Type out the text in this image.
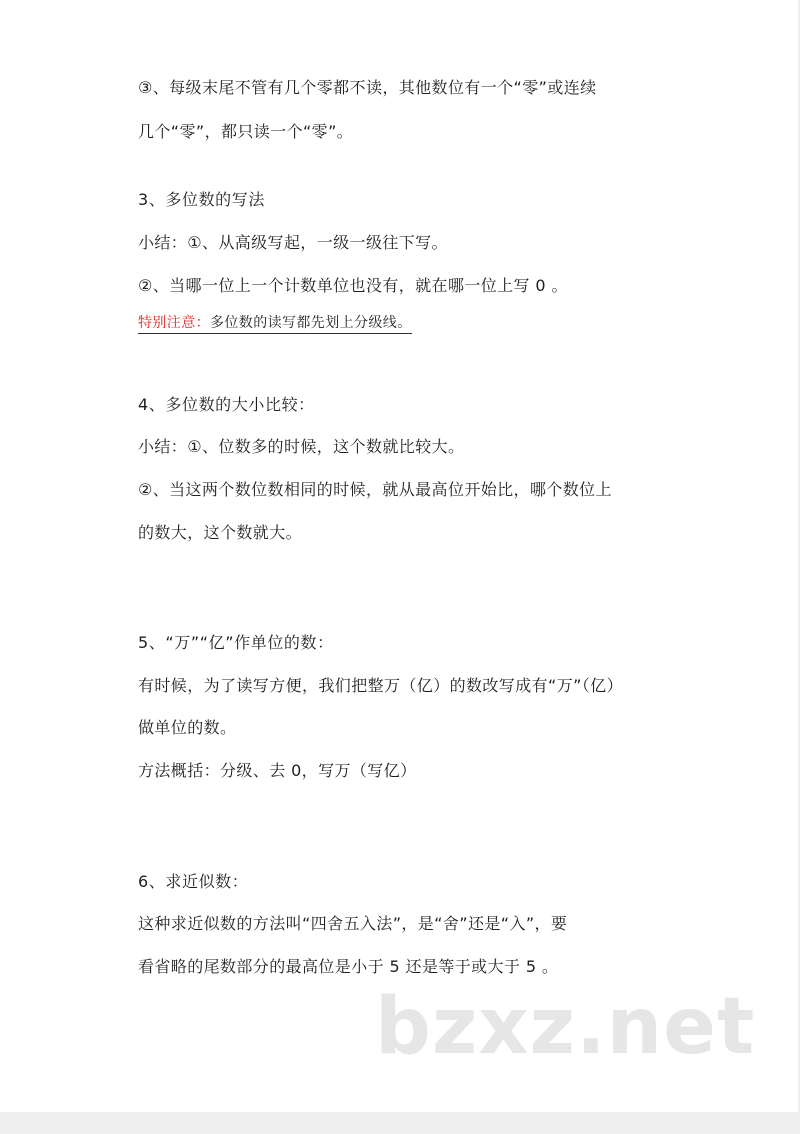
③、每级末尾不管有几个零都不读，其他数位有一个“零”或连续
几个“零”，都只读一个“零”。
3、多位数的写法
小结：①、从高级写起，一级一级往下写。
②、当哪一位上一个计数单位也没有，就在哪一位上写 0 。
特别注意：多位数的读写都先划上分级线。
4、多位数的大小比较：
小结：①、位数多的时候，这个数就比较大。
②、当这两个数位数相同的时候，就从最高位开始比，哪个数位上
的数大，这个数就大。
5、“万”“亿”作单位的数：
有时候，为了读写方便，我们把整万（亿）的数改写成有“万”（亿）
做单位的数。
方法概括：分级、去 0，写万（写亿）
6、求近似数：
这种求近似数的方法叫“四舍五入法”，是“舍”还是“入”，要
看省略的尾数部分的最高位是小于 5 还是等于或大于 5 。
bzxz.net
